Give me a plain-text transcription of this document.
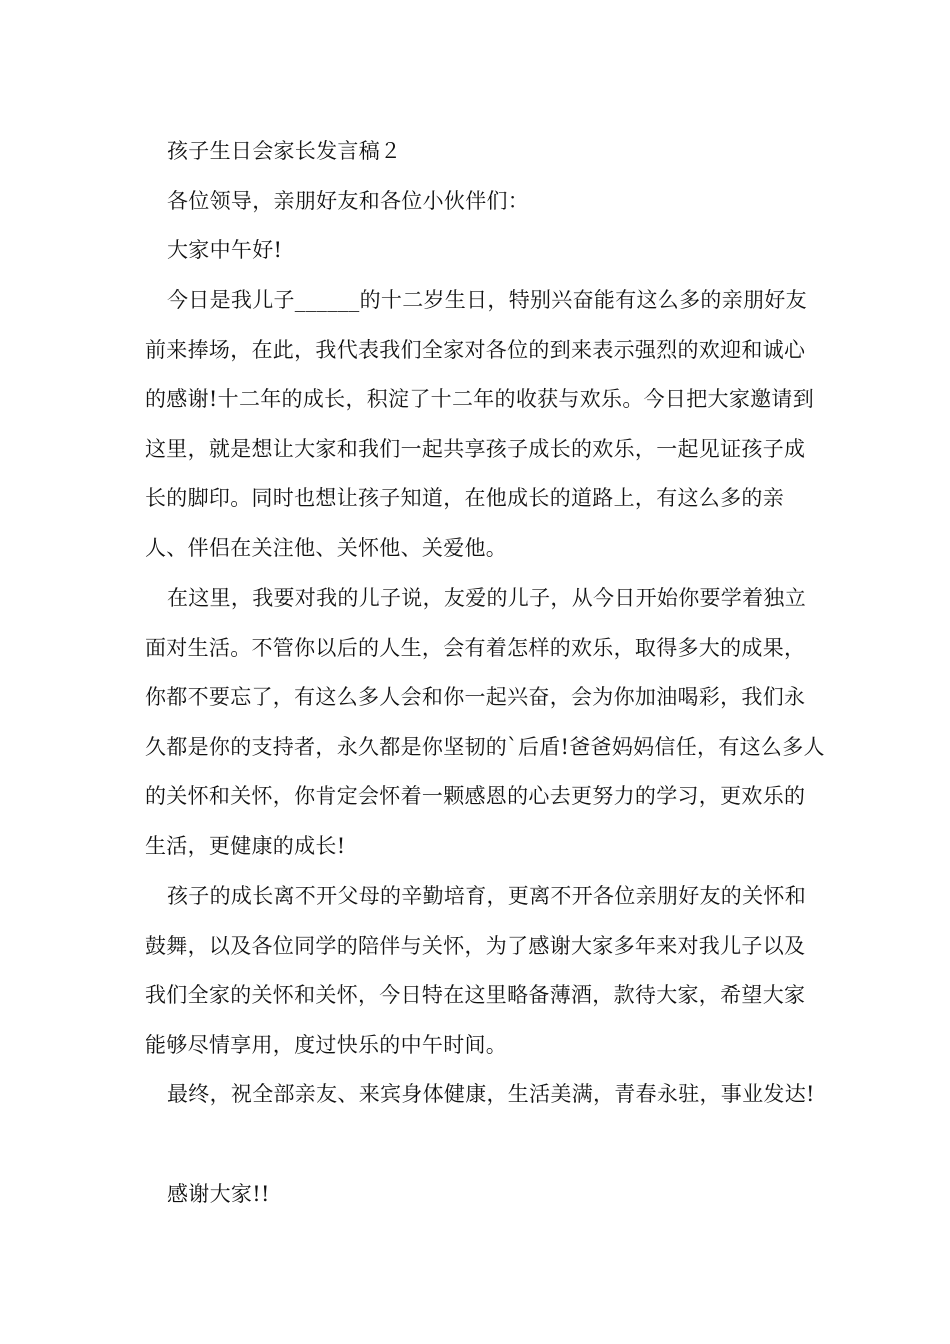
孩子生日会家长发言稿２

各位领导，亲朋好友和各位小伙伴们：

大家中午好!

今日是我儿子______的十二岁生日，特别兴奋能有这么多的亲朋好友前来捧场，在此，我代表我们全家对各位的到来表示强烈的欢迎和诚心的感谢!十二年的成长，积淀了十二年的收获与欢乐。今日把大家邀请到这里，就是想让大家和我们一起共享孩子成长的欢乐，一起见证孩子成长的脚印。同时也想让孩子知道，在他成长的道路上，有这么多的亲人、伴侣在关注他、关怀他、关爱他。

在这里，我要对我的儿子说，友爱的儿子，从今日开始你要学着独立面对生活。不管你以后的人生，会有着怎样的欢乐，取得多大的成果，你都不要忘了，有这么多人会和你一起兴奋，会为你加油喝彩，我们永久都是你的支持者，永久都是你坚韧的`后盾!爸爸妈妈信任，有这么多人的关怀和关怀，你肯定会怀着一颗感恩的心去更努力的学习，更欢乐的生活，更健康的成长!

孩子的成长离不开父母的辛勤培育，更离不开各位亲朋好友的关怀和鼓舞，以及各位同学的陪伴与关怀，为了感谢大家多年来对我儿子以及我们全家的关怀和关怀，今日特在这里略备薄酒，款待大家，希望大家能够尽情享用，度过快乐的中午时间。

最终，祝全部亲友、来宾身体健康，生活美满，青春永驻，事业发达!

感谢大家!!
